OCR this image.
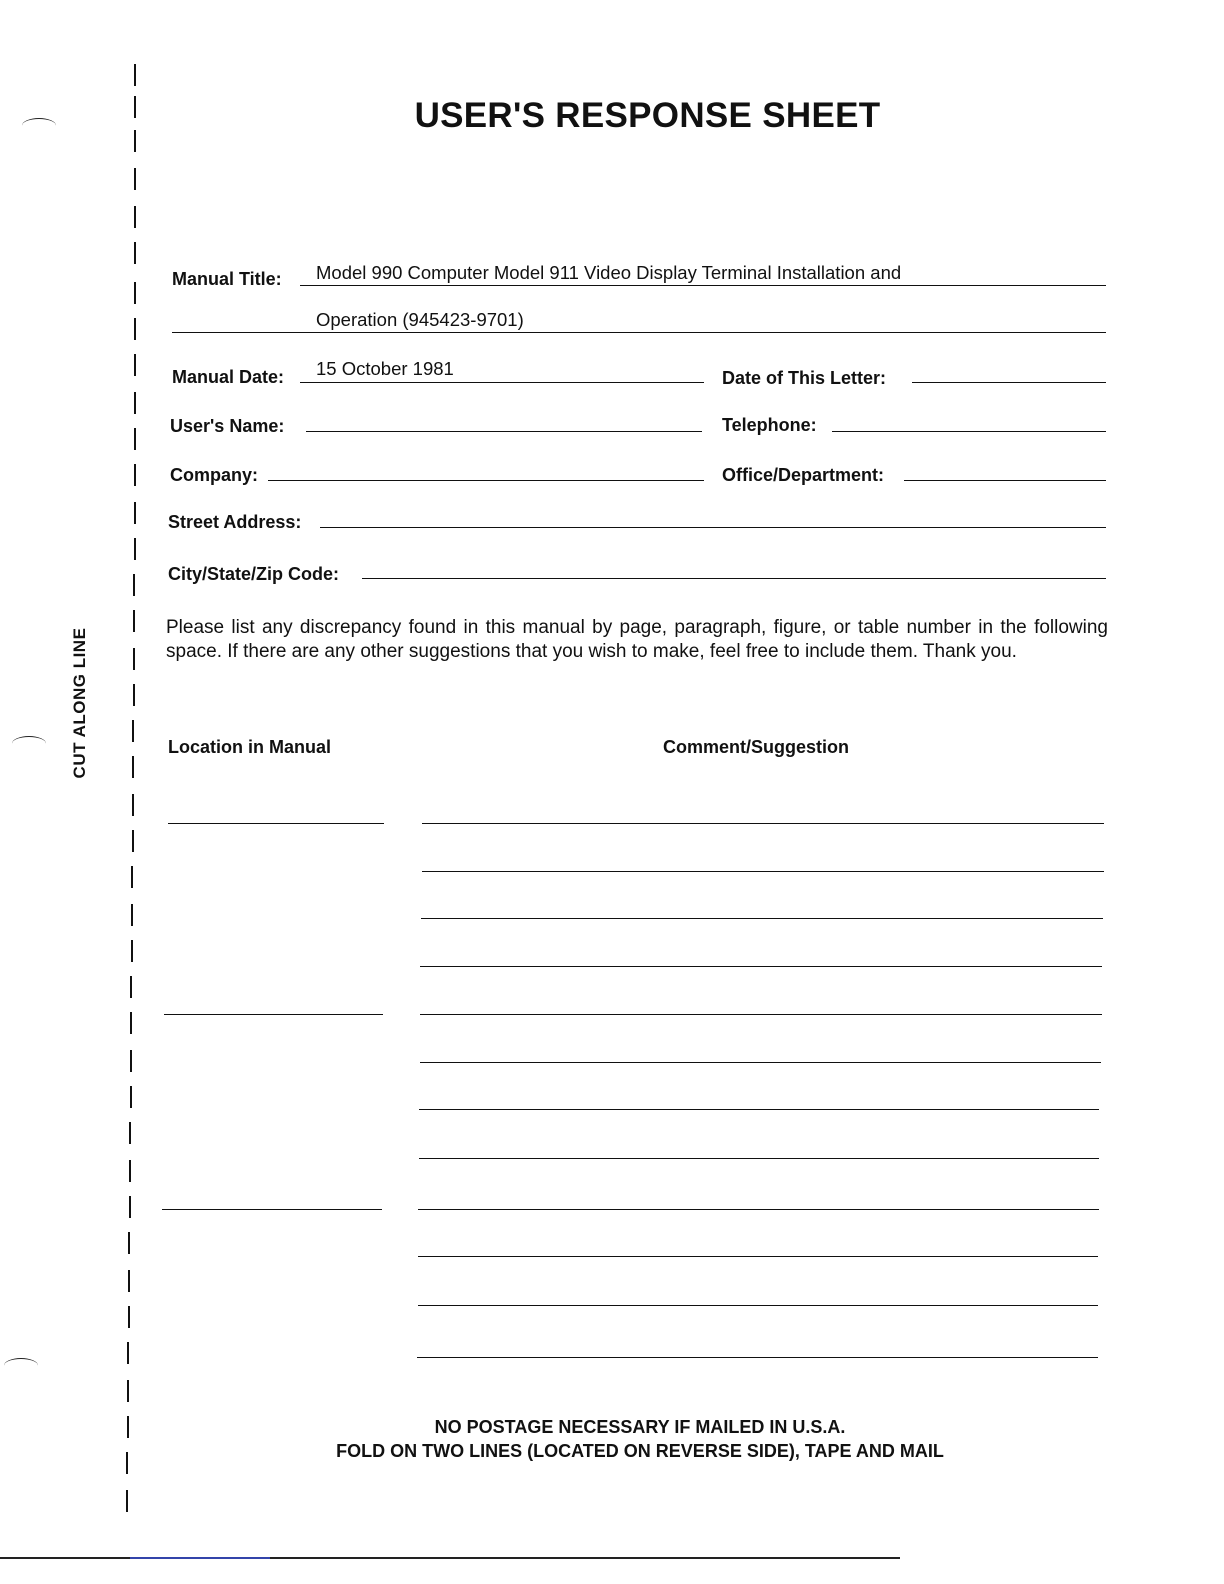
CUT ALONG LINE
USER'S RESPONSE SHEET
Manual Title: Model 990 Computer Model 911 Video Display Terminal Installation and
Operation (945423-9701)
Manual Date: 15 October 1981	Date of This Letter:
User's Name:	Telephone:
Company:	Office/Department:
Street Address:
City/State/Zip Code:
Please list any discrepancy found in this manual by page, paragraph, figure, or table number in the following space. If there are any other suggestions that you wish to make, feel free to include them. Thank you.
Location in Manual	Comment/Suggestion
NO POSTAGE NECESSARY IF MAILED IN U.S.A.
FOLD ON TWO LINES (LOCATED ON REVERSE SIDE), TAPE AND MAIL
